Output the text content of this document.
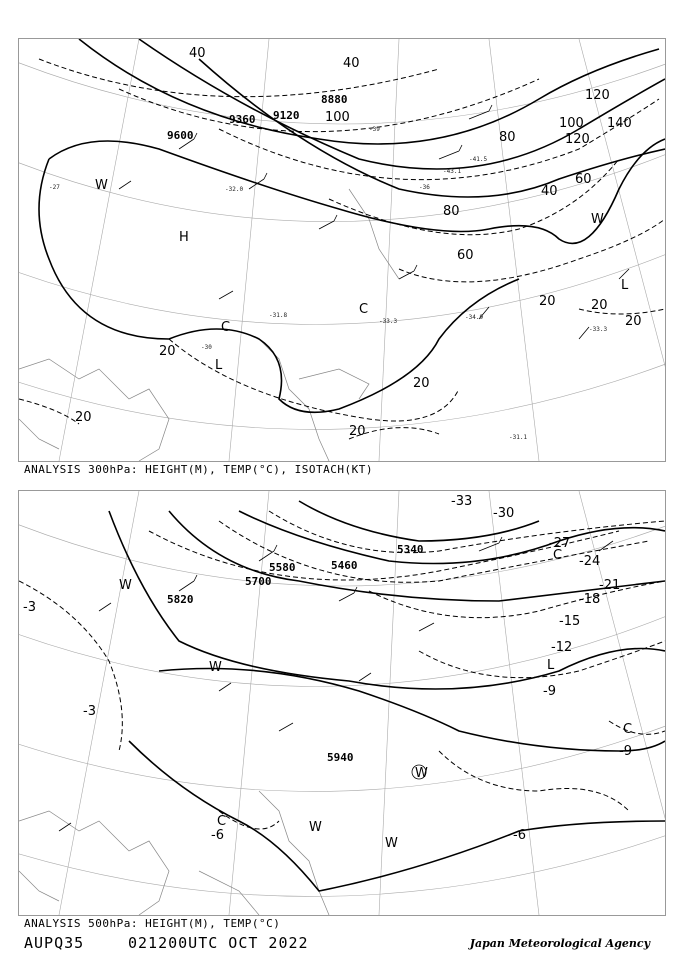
9600
9360 9120
8880
20
20
20
20
20	20
20
40
40
40
60
60
80
80
100	100
120
120
140
-27
-30
-31.8
-32.0
-33.3
-34.9
-36
-39
-41.5
-43.1
-31.1
-33.3
H
L
C
C
W
W
L
ANALYSIS 300hPa: HEIGHT(M), TEMP(°C), ISOTACH(KT)
5940
5820
5700
5580	5460
5340
-3
-3
-6	-6
-9
-9
-12
-15
-18
-21
-24
-27
-30
-33
W
W
W
W
L
C
C
C
W
ANALYSIS 500hPa: HEIGHT(M), TEMP(°C)
AUPQ35	021200UTC OCT 2022	Japan Meteorological Agency
